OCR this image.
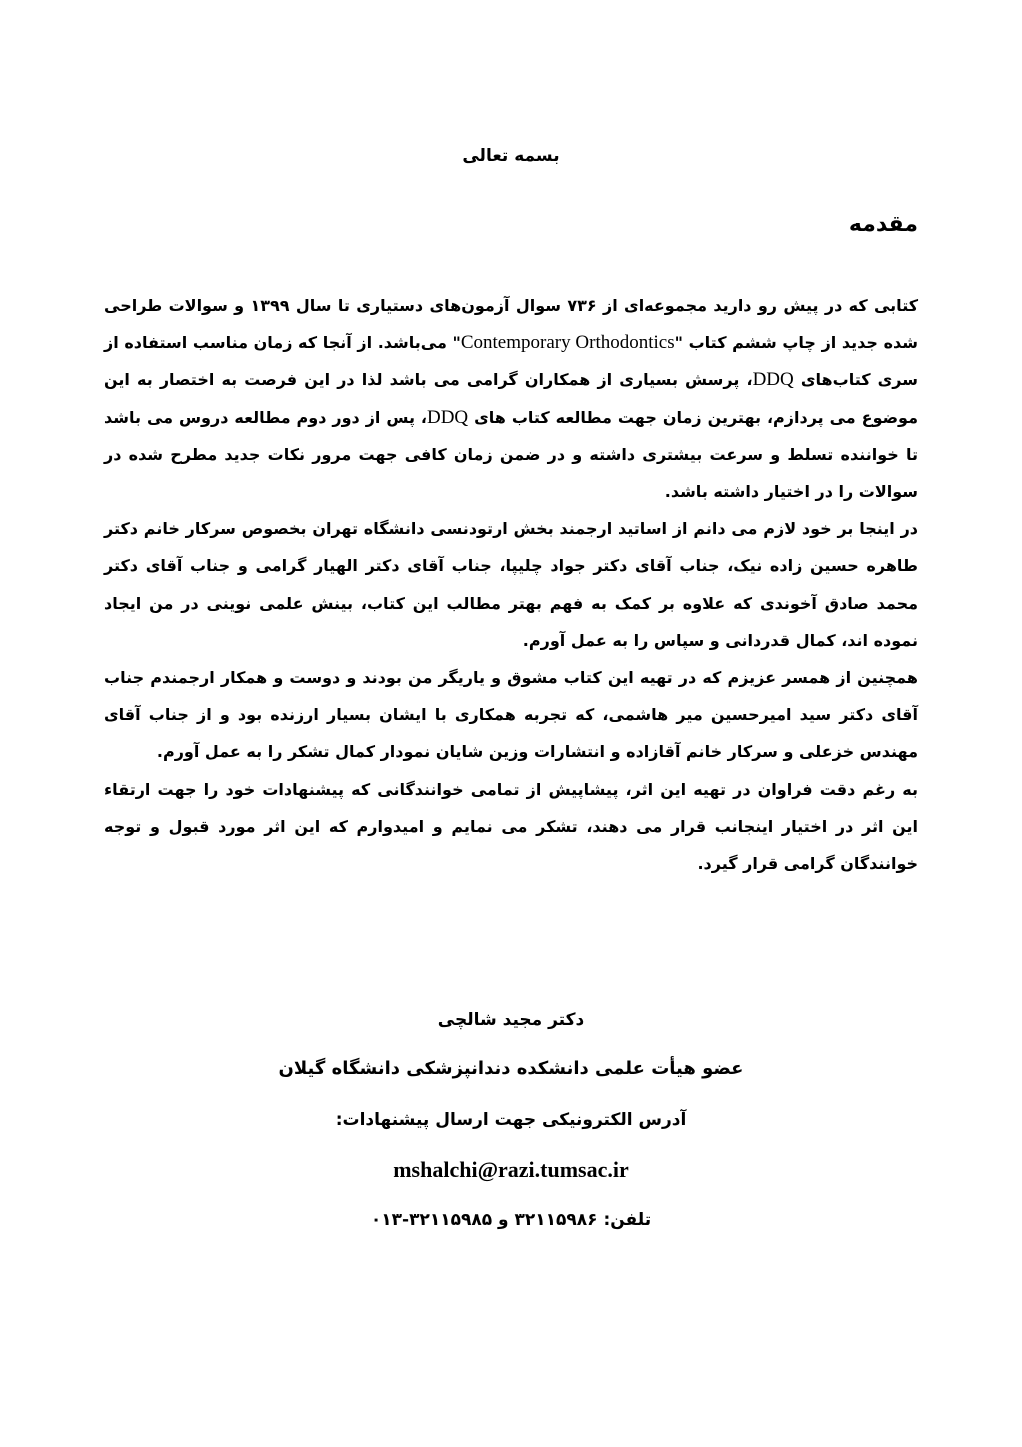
بسمه تعالی
مقدمه

کتابی که در پیش رو دارید مجموعه‌ای از ۷۳۶ سوال آزمون‌های دستیاری تا سال ۱۳۹۹ و سوالات طراحی شده جدید از چاپ ششم کتاب "Contemporary Orthodontics" می‌باشد. از آنجا که زمان مناسب استفاده از سری کتاب‌های DDQ، پرسش بسیاری از همکاران گرامی می باشد لذا در این فرصت به اختصار به این موضوع می پردازم، بهترین زمان جهت مطالعه کتاب های DDQ، پس از دور دوم مطالعه دروس می باشد تا خواننده تسلط و سرعت بیشتری داشته و در ضمن زمان کافی جهت مرور نکات جدید مطرح شده در سوالات را در اختیار داشته باشد.

در اینجا بر خود لازم می دانم از اساتید ارجمند بخش ارتودنسی دانشگاه تهران بخصوص سرکار خانم دکتر طاهره حسین زاده نیک، جناب آقای دکتر جواد چلیپا، جناب آقای دکتر الهیار گرامی و جناب آقای دکتر محمد صادق آخوندی که علاوه بر کمک به فهم بهتر مطالب این کتاب، بینش علمی نوینی در من ایجاد نموده اند، کمال قدردانی و سپاس را به عمل آورم.

همچنین از همسر عزیزم که در تهیه این کتاب مشوق و یاریگر من بودند و دوست و همکار ارجمندم جناب آقای دکتر سید امیرحسین میر هاشمی، که تجربه همکاری با ایشان بسیار ارزنده بود و از جناب آقای مهندس خزعلی و سرکار خانم آقازاده و انتشارات وزین شایان نمودار کمال تشکر را به عمل آورم.

به رغم دقت فراوان در تهیه این اثر، پیشاپیش از تمامی خوانندگانی که پیشنهادات خود را جهت ارتقاء این اثر در اختیار اینجانب قرار می دهند، تشکر می نمایم و امیدوارم که این اثر مورد قبول و توجه خوانندگان گرامی قرار گیرد.

دکتر مجید شالچی
عضو هیأت علمی دانشکده دندانپزشکی دانشگاه گیلان
آدرس الکترونیکی جهت ارسال پیشنهادات:
mshalchi@razi.tumsac.ir
تلفن: ۳۲۱۱۵۹۸۶ و ۳۲۱۱۵۹۸۵-۰۱۳
